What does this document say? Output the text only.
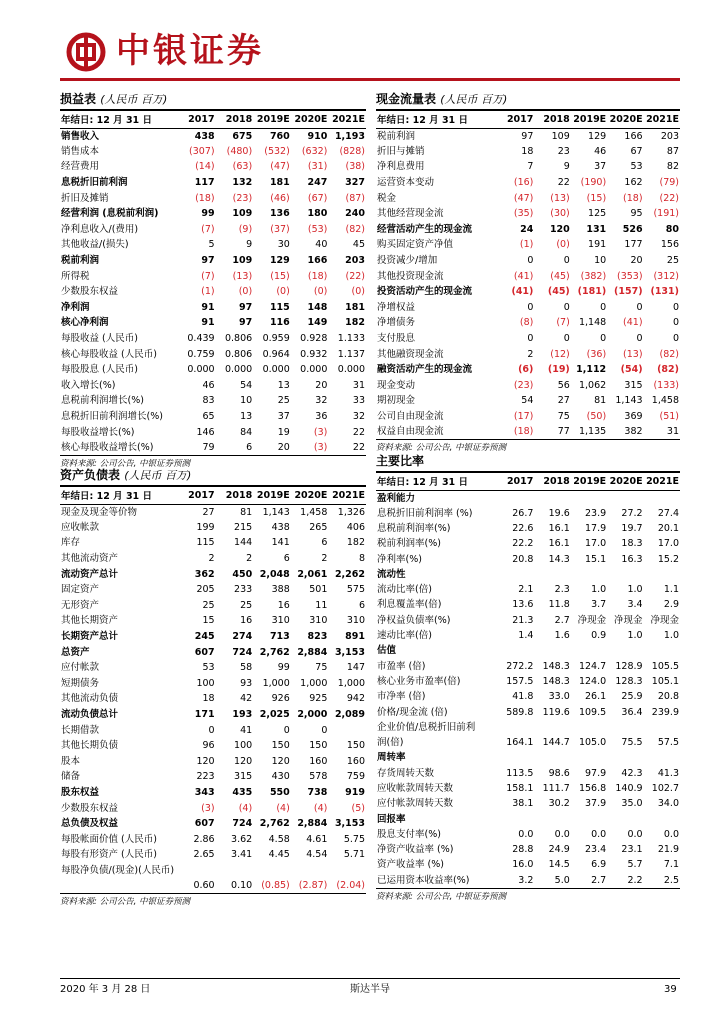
中银证券
损益表 (人民币 百万)
年结日: 12 月 31 日	2017	2018	2019E	2020E	2021E
销售收入	438	675	760	910	1,193
销售成本	(307)	(480)	(532)	(632)	(828)
经营费用	(14)	(63)	(47)	(31)	(38)
息税折旧前利润	117	132	181	247	327
折旧及摊销	(18)	(23)	(46)	(67)	(87)
经营利润 (息税前利润)	99	109	136	180	240
净利息收入/(费用)	(7)	(9)	(37)	(53)	(82)
其他收益/(损失)	5	9	30	40	45
税前利润	97	109	129	166	203
所得税	(7)	(13)	(15)	(18)	(22)
少数股东权益	(1)	(0)	(0)	(0)	(0)
净利润	91	97	115	148	181
核心净利润	91	97	116	149	182
每股收益 (人民币)	0.439	0.806	0.959	0.928	1.133
核心每股收益 (人民币)	0.759	0.806	0.964	0.932	1.137
每股股息 (人民币)	0.000	0.000	0.000	0.000	0.000
收入增长(%)	46	54	13	20	31
息税前利润增长(%)	83	10	25	32	33
息税折旧前利润增长(%)	65	13	37	36	32
每股收益增长(%)	146	84	19	(3)	22
核心每股收益增长(%)	79	6	20	(3)	22
资料来源: 公司公告, 中银证券预测
现金流量表 (人民币 百万)
年结日: 12 月 31 日	2017	2018	2019E	2020E	2021E
税前利润	97	109	129	166	203
折旧与摊销	18	23	46	67	87
净利息费用	7	9	37	53	82
运营资本变动	(16)	22	(190)	162	(79)
税金	(47)	(13)	(15)	(18)	(22)
其他经营现金流	(35)	(30)	125	95	(191)
经营活动产生的现金流	24	120	131	526	80
购买固定资产净值	(1)	(0)	191	177	156
投资减少/增加	0	0	10	20	25
其他投资现金流	(41)	(45)	(382)	(353)	(312)
投资活动产生的现金流	(41)	(45)	(181)	(157)	(131)
净增权益	0	0	0	0	0
净增债务	(8)	(7)	1,148	(41)	0
支付股息	0	0	0	0	0
其他融资现金流	2	(12)	(36)	(13)	(82)
融资活动产生的现金流	(6)	(19)	1,112	(54)	(82)
现金变动	(23)	56	1,062	315	(133)
期初现金	54	27	81	1,143	1,458
公司自由现金流	(17)	75	(50)	369	(51)
权益自由现金流	(18)	77	1,135	382	31
资料来源: 公司公告, 中银证券预测
主要比率
年结日: 12 月 31 日	2017	2018	2019E	2020E	2021E
盈利能力					
息税折旧前利润率 (%)	26.7	19.6	23.9	27.2	27.4
息税前利润率(%)	22.6	16.1	17.9	19.7	20.1
税前利润率(%)	22.2	16.1	17.0	18.3	17.0
净利率(%)	20.8	14.3	15.1	16.3	15.2
流动性					
流动比率(倍)	2.1	2.3	1.0	1.0	1.1
利息覆盖率(倍)	13.6	11.8	3.7	3.4	2.9
净权益负债率(%)	21.3	2.7	净现金	净现金	净现金
速动比率(倍)	1.4	1.6	0.9	1.0	1.0
估值					
市盈率 (倍)	272.2	148.3	124.7	128.9	105.5
核心业务市盈率(倍)	157.5	148.3	124.0	128.3	105.1
市净率 (倍)	41.8	33.0	26.1	25.9	20.8
价格/现金流 (倍)	589.8	119.6	109.5	36.4	239.9
企业价值/息税折旧前利					
润(倍)	164.1	144.7	105.0	75.5	57.5
周转率					
存货周转天数	113.5	98.6	97.9	42.3	41.3
应收帐款周转天数	158.1	111.7	156.8	140.9	102.7
应付帐款周转天数	38.1	30.2	37.9	35.0	34.0
回报率					
股息支付率(%)	0.0	0.0	0.0	0.0	0.0
净资产收益率 (%)	28.8	24.9	23.4	23.1	21.9
资产收益率 (%)	16.0	14.5	6.9	5.7	7.1
已运用资本收益率(%)	3.2	5.0	2.7	2.2	2.5
资料来源: 公司公告, 中银证券预测
资产负债表 (人民币 百万)
年结日: 12 月 31 日	2017	2018	2019E	2020E	2021E
现金及现金等价物	27	81	1,143	1,458	1,326
应收帐款	199	215	438	265	406
库存	115	144	141	6	182
其他流动资产	2	2	6	2	8
流动资产总计	362	450	2,048	2,061	2,262
固定资产	205	233	388	501	575
无形资产	25	25	16	11	6
其他长期资产	15	16	310	310	310
长期资产总计	245	274	713	823	891
总资产	607	724	2,762	2,884	3,153
应付帐款	53	58	99	75	147
短期债务	100	93	1,000	1,000	1,000
其他流动负债	18	42	926	925	942
流动负债总计	171	193	2,025	2,000	2,089
长期借款	0	41	0	0	
其他长期负债	96	100	150	150	150
股本	120	120	120	160	160
储备	223	315	430	578	759
股东权益	343	435	550	738	919
少数股东权益	(3)	(4)	(4)	(4)	(5)
总负债及权益	607	724	2,762	2,884	3,153
每股帐面价值 (人民币)	2.86	3.62	4.58	4.61	5.75
每股有形资产 (人民币)	2.65	3.41	4.45	4.54	5.71
每股净负债/(现金)(人民币)					
	0.60	0.10	(0.85)	(2.87)	(2.04)
资料来源: 公司公告, 中银证券预测
2020 年 3 月 28 日	斯达半导	39
